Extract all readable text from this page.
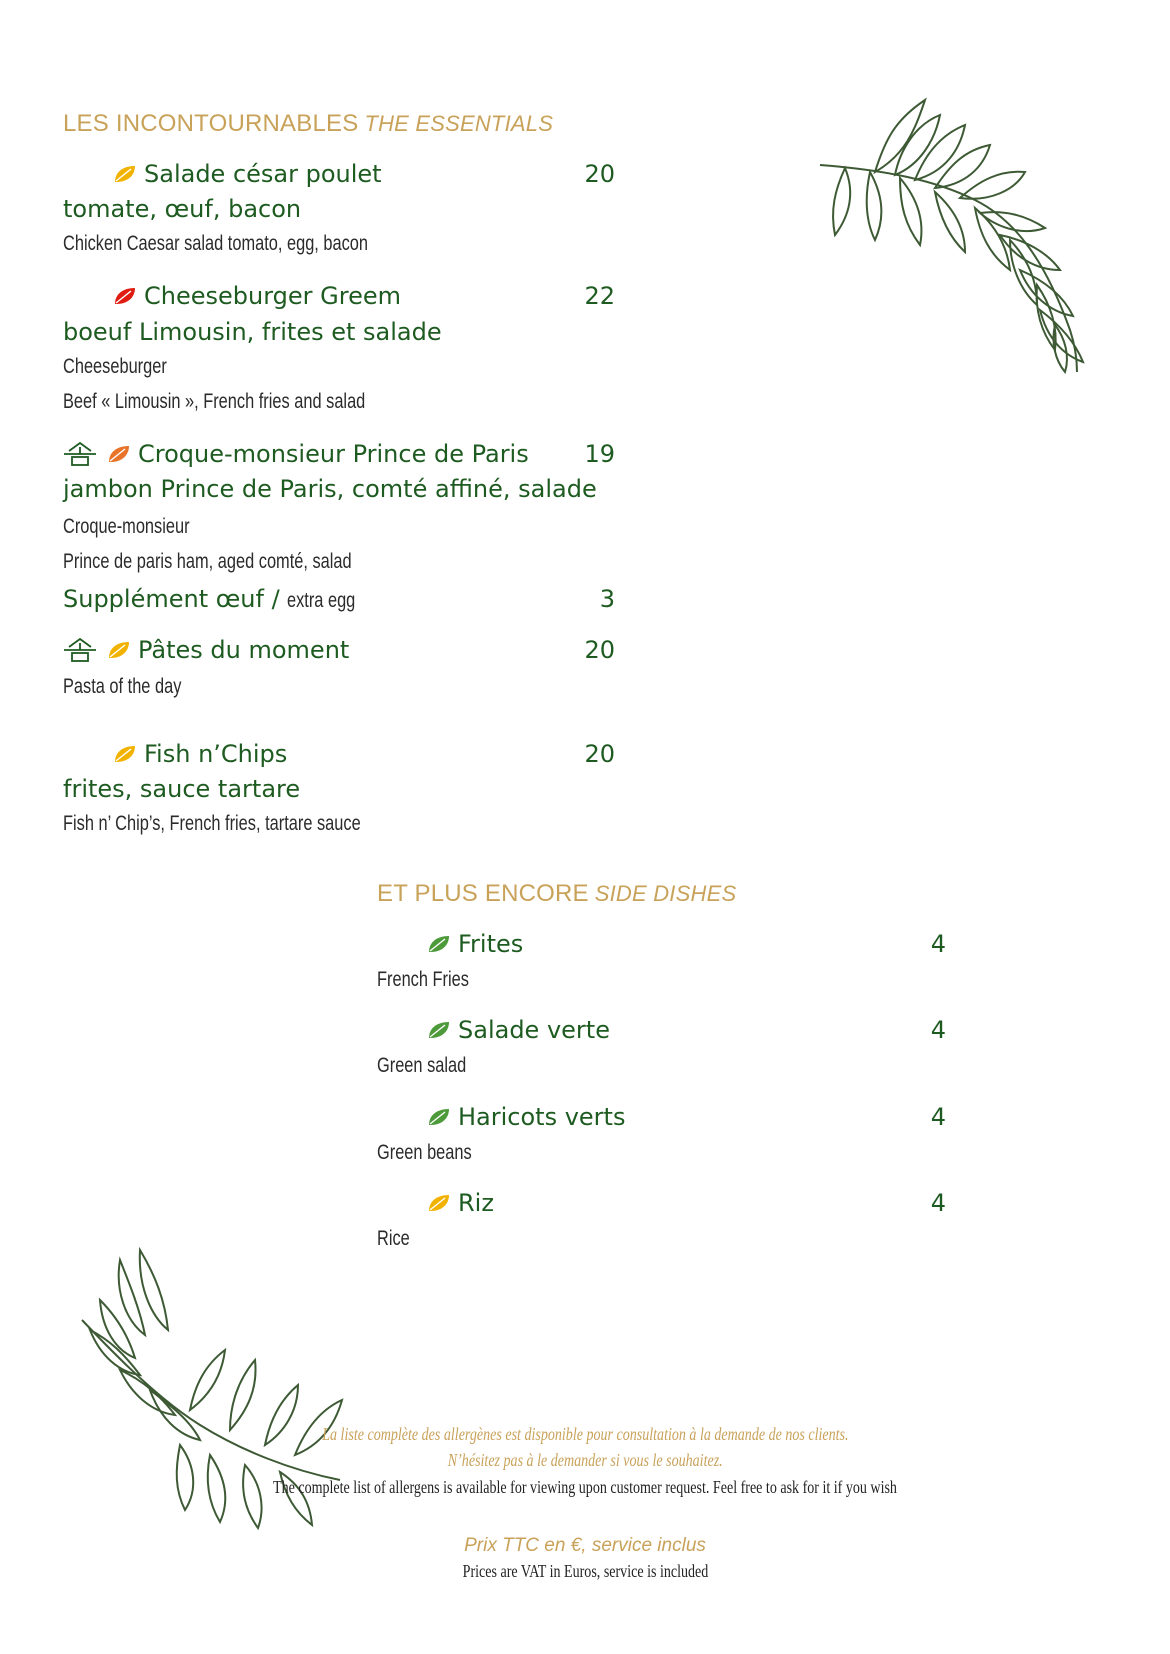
LES INCONTOURNABLES THE ESSENTIALS
Salade césar poulet	20
tomate, œuf, bacon
Chicken Caesar salad tomato, egg, bacon
Cheeseburger Greem	22
boeuf Limousin, frites et salade
Cheeseburger
Beef « Limousin », French fries and salad
Croque-monsieur Prince de Paris	19
jambon Prince de Paris, comté affiné, salade
Croque-monsieur
Prince de paris ham, aged comté, salad
Supplément œuf / extra egg	3
Pâtes du moment	20
Pasta of the day
Fish n’Chips	20
frites, sauce tartare
Fish n’ Chip’s, French fries, tartare sauce
ET PLUS ENCORE SIDE DISHES
Frites	4
French Fries
Salade verte	4
Green salad
Haricots verts	4
Green beans
Riz	4
Rice
La liste complète des allergènes est disponible pour consultation à la demande de nos clients.
N’hésitez pas à le demander si vous le souhaitez.
The complete list of allergens is available for viewing upon customer request. Feel free to ask for it if you wish
Prix TTC en €, service inclus
Prices are VAT in Euros, service is included
